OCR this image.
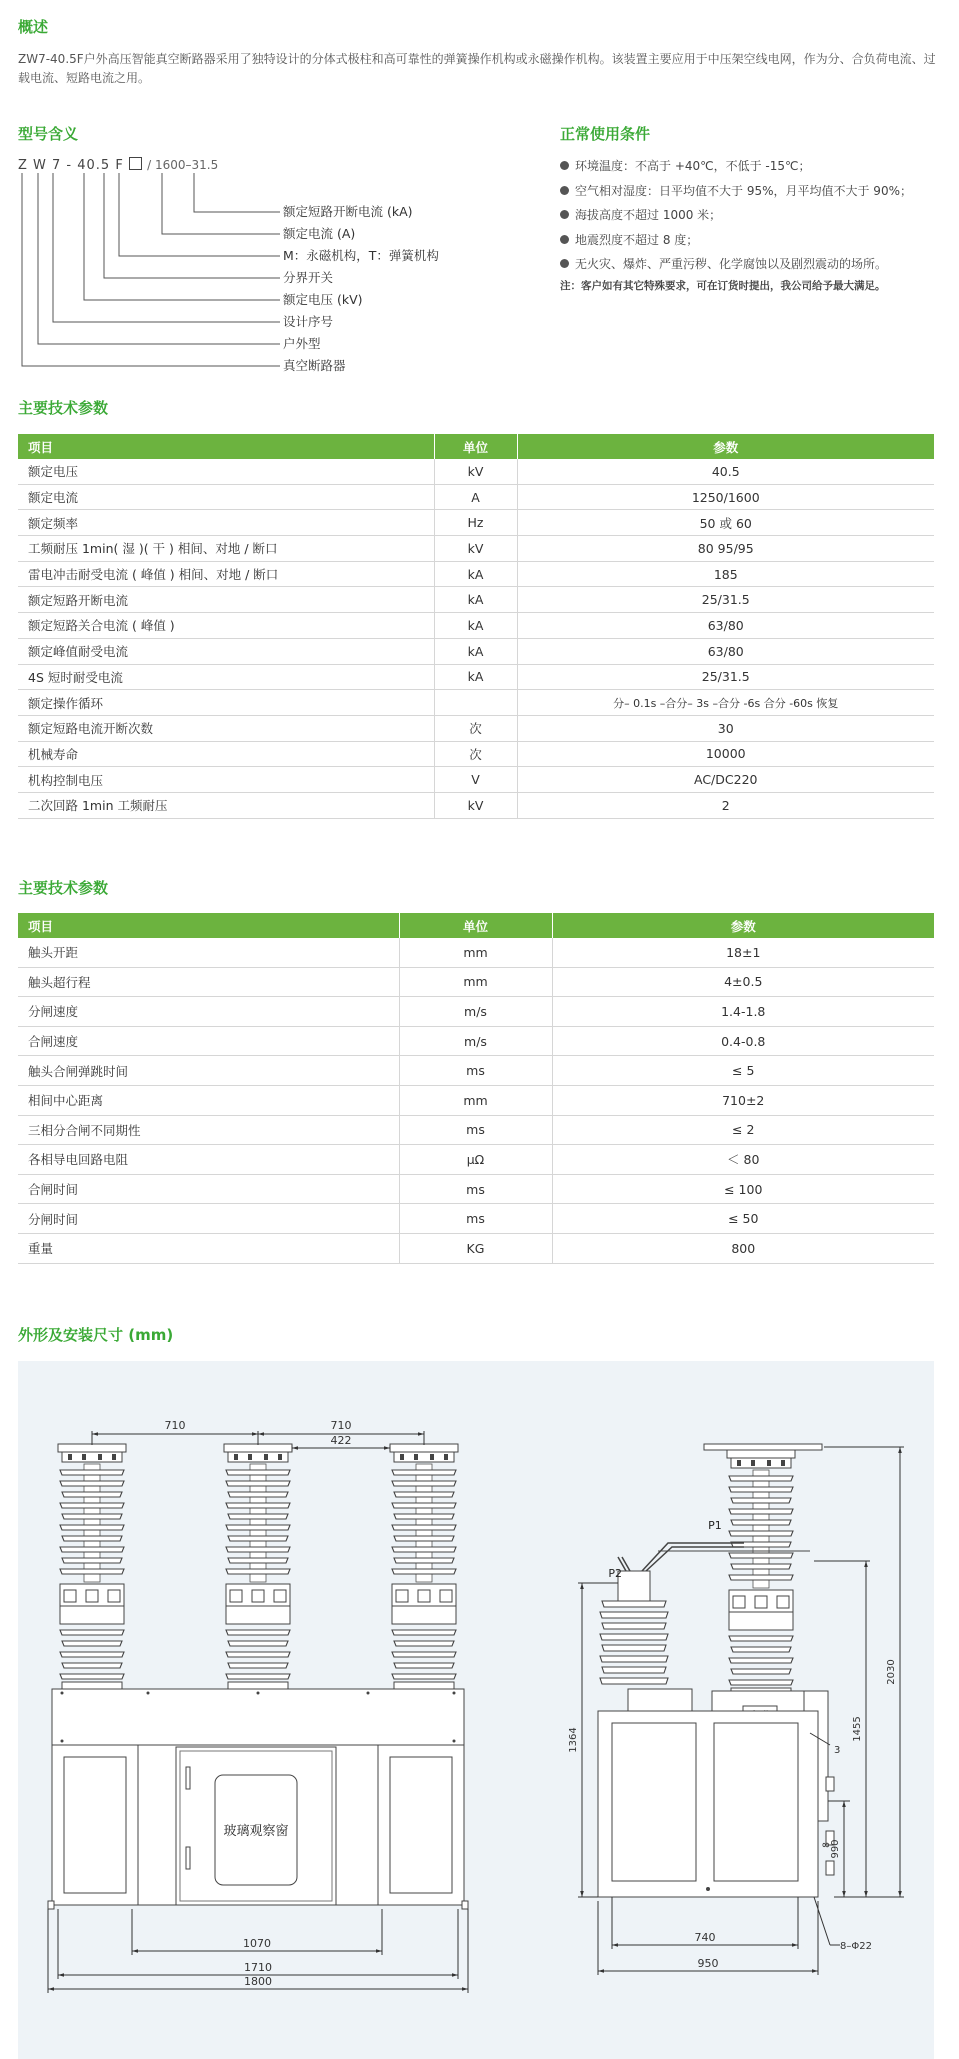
概述

ZW7-40.5F户外高压智能真空断路器采用了独特设计的分体式极柱和高可靠性的弹簧操作机构或永磁操作机构。该装置主要应用于中压架空线电网，作为分、合负荷电流、过载电流、短路电流之用。

型号含义
Z W 7 - 40.5 F / 1600–31.5
额定短路开断电流 (kA)
额定电流 (A)
M：永磁机构，T：弹簧机构
分界开关
额定电压 (kV)
设计序号
户外型
真空断路器
正常使用条件
环境温度：不高于 +40℃，不低于 -15℃；
空气相对湿度：日平均值不大于 95%，月平均值不大于 90%；
海拔高度不超过 1000 米；
地震烈度不超过 8 度；
无火灾、爆炸、严重污秽、化学腐蚀以及剧烈震动的场所。
注：客户如有其它特殊要求，可在订货时提出，我公司给予最大满足。
主要技术参数
项目	单位	参数
额定电压	kV	40.5
额定电流	A	1250/1600
额定频率	Hz	50 或 60
工频耐压 1min( 湿 )( 干 ) 相间、对地 / 断口	kV	80 95/95
雷电冲击耐受电流 ( 峰值 ) 相间、对地 / 断口	kA	185
额定短路开断电流	kA	25/31.5
额定短路关合电流 ( 峰值 )	kA	63/80
额定峰值耐受电流	kA	63/80
4S 短时耐受电流	kA	25/31.5
额定操作循环		分– 0.1s –合分– 3s –合分 -6s 合分 -60s 恢复
额定短路电流开断次数	次	30
机械寿命	次	10000
机构控制电压	V	AC/DC220
二次回路 1min 工频耐压	kV	2
主要技术参数
项目	单位	参数
触头开距	mm	18±1
触头超行程	mm	4±0.5
分闸速度	m/s	1.4-1.8
合闸速度	m/s	0.4-0.8
触头合闸弹跳时间	ms	≤ 5
相间中心距离	mm	710±2
三相分合闸不同期性	ms	≤ 2
各相导电回路电阻	μΩ	＜ 80
合闸时间	ms	≤ 100
分闸时间	ms	≤ 50
重量	KG	800
外形及安装尺寸 (mm)
710	710
422
玻璃观察窗
1070
1710
1800
P2
P1
2030
1455
1364
990
3
8
740
950
8–Φ22
